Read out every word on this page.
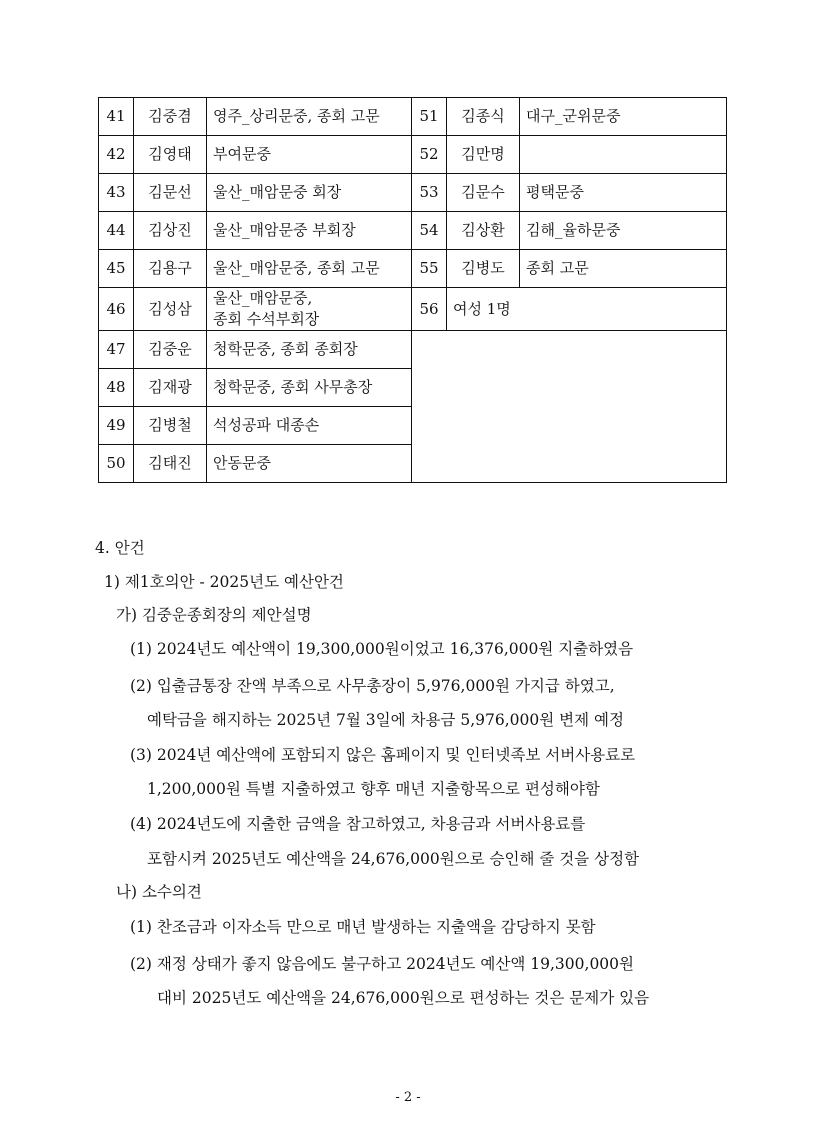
41	김중겸	영주_상리문중, 종회 고문	51	김종식	대구_군위문중
42	김영태	부여문중	52	김만명	
43	김문선	울산_매암문중 회장	53	김문수	평택문중
44	김상진	울산_매암문중 부회장	54	김상환	김해_율하문중
45	김용구	울산_매암문중, 종회 고문	55	김병도	종회 고문
46	김성삼	울산_매암문중,
종회 수석부회장	56	여성 1명	
47	김중운	청학문중, 종회 종회장			
48	김재광	청학문중, 종회 사무총장			
49	김병철	석성공파 대종손			
50	김태진	안동문중			
4. 안건
1) 제1호의안 - 2025년도 예산안건
가) 김중운종회장의 제안설명
(1) 2024년도 예산액이 19,300,000원이었고 16,376,000원 지출하였음
(2) 입출금통장 잔액 부족으로 사무총장이 5,976,000원 가지급 하였고,
예탁금을 해지하는 2025년 7월 3일에 차용금 5,976,000원 변제 예정
(3) 2024년 예산액에 포함되지 않은 홈페이지 및 인터넷족보 서버사용료로
1,200,000원 특별 지출하였고 향후 매년 지출항목으로 편성해야함
(4) 2024년도에 지출한 금액을 참고하였고, 차용금과 서버사용료를
포함시켜 2025년도 예산액을 24,676,000원으로 승인해 줄 것을 상정함
나) 소수의견
(1) 찬조금과 이자소득 만으로 매년 발생하는 지출액을 감당하지 못함
(2) 재정 상태가 좋지 않음에도 불구하고 2024년도 예산액 19,300,000원
대비 2025년도 예산액을 24,676,000원으로 편성하는 것은 문제가 있음
- 2 -
